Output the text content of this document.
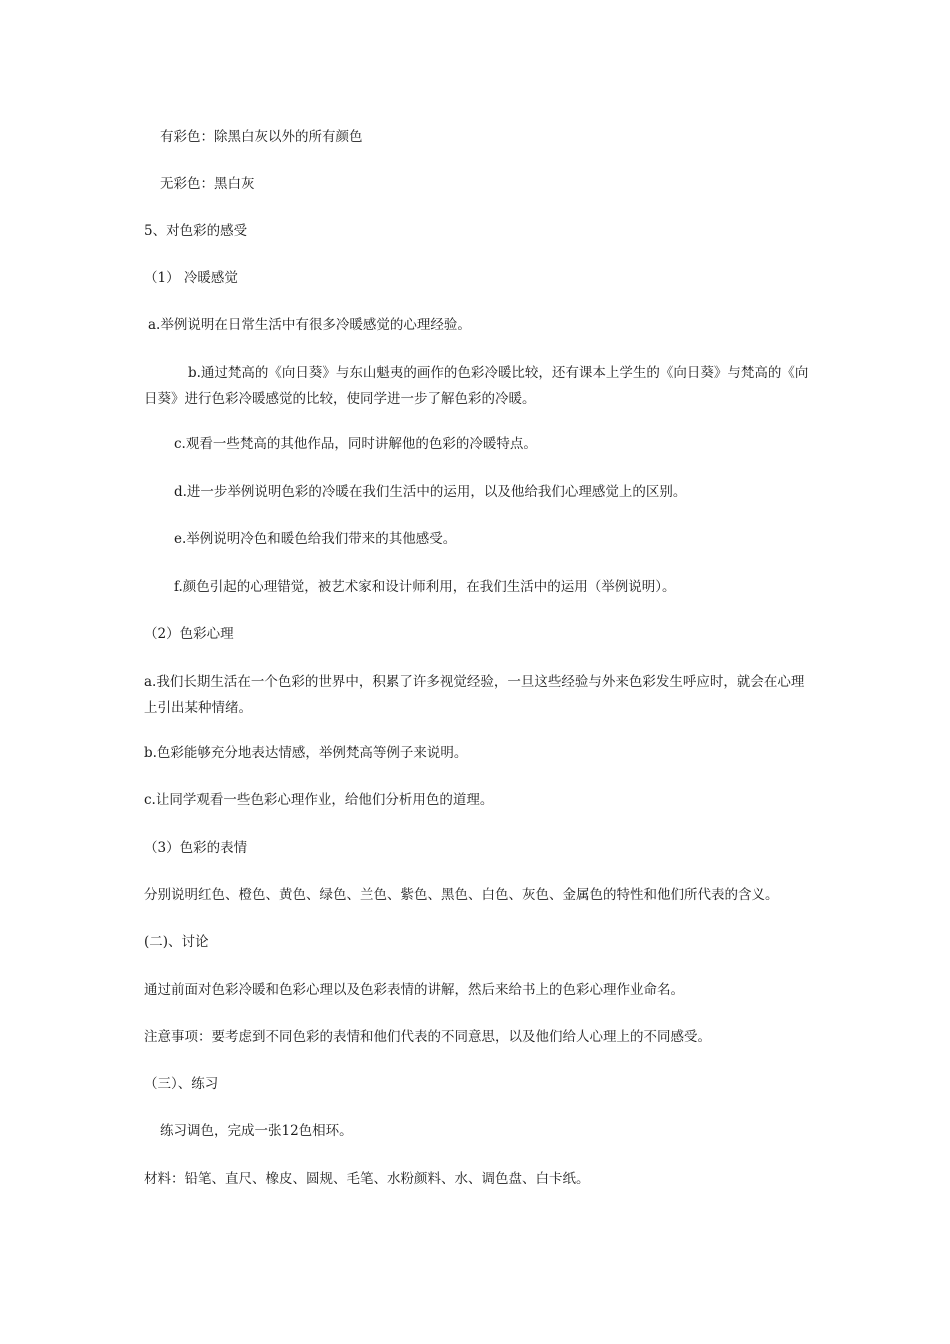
有彩色：除黑白灰以外的所有颜色
无彩色：黑白灰
5、对色彩的感受
（1） 冷暖感觉
a.举例说明在日常生活中有很多冷暖感觉的心理经验。
b.通过梵高的《向日葵》与东山魁夷的画作的色彩冷暖比较，还有课本上学生的《向日葵》与梵高的《向日葵》进行色彩冷暖感觉的比较，使同学进一步了解色彩的冷暖。
c.观看一些梵高的其他作品，同时讲解他的色彩的冷暖特点。
d.进一步举例说明色彩的冷暖在我们生活中的运用，以及他给我们心理感觉上的区别。
e.举例说明冷色和暖色给我们带来的其他感受。
f.颜色引起的心理错觉，被艺术家和设计师利用，在我们生活中的运用（举例说明）。
（2）色彩心理
a.我们长期生活在一个色彩的世界中，积累了许多视觉经验，一旦这些经验与外来色彩发生呼应时，就会在心理上引出某种情绪。
b.色彩能够充分地表达情感，举例梵高等例子来说明。
c.让同学观看一些色彩心理作业，给他们分析用色的道理。
（3）色彩的表情
分别说明红色、橙色、黄色、绿色、兰色、紫色、黑色、白色、灰色、金属色的特性和他们所代表的含义。
(二)、讨论
通过前面对色彩冷暖和色彩心理以及色彩表情的讲解，然后来给书上的色彩心理作业命名。
注意事项：要考虑到不同色彩的表情和他们代表的不同意思，以及他们给人心理上的不同感受。
（三）、练习
练习调色，完成一张12色相环。
材料：铅笔、直尺、橡皮、圆规、毛笔、水粉颜料、水、调色盘、白卡纸。
